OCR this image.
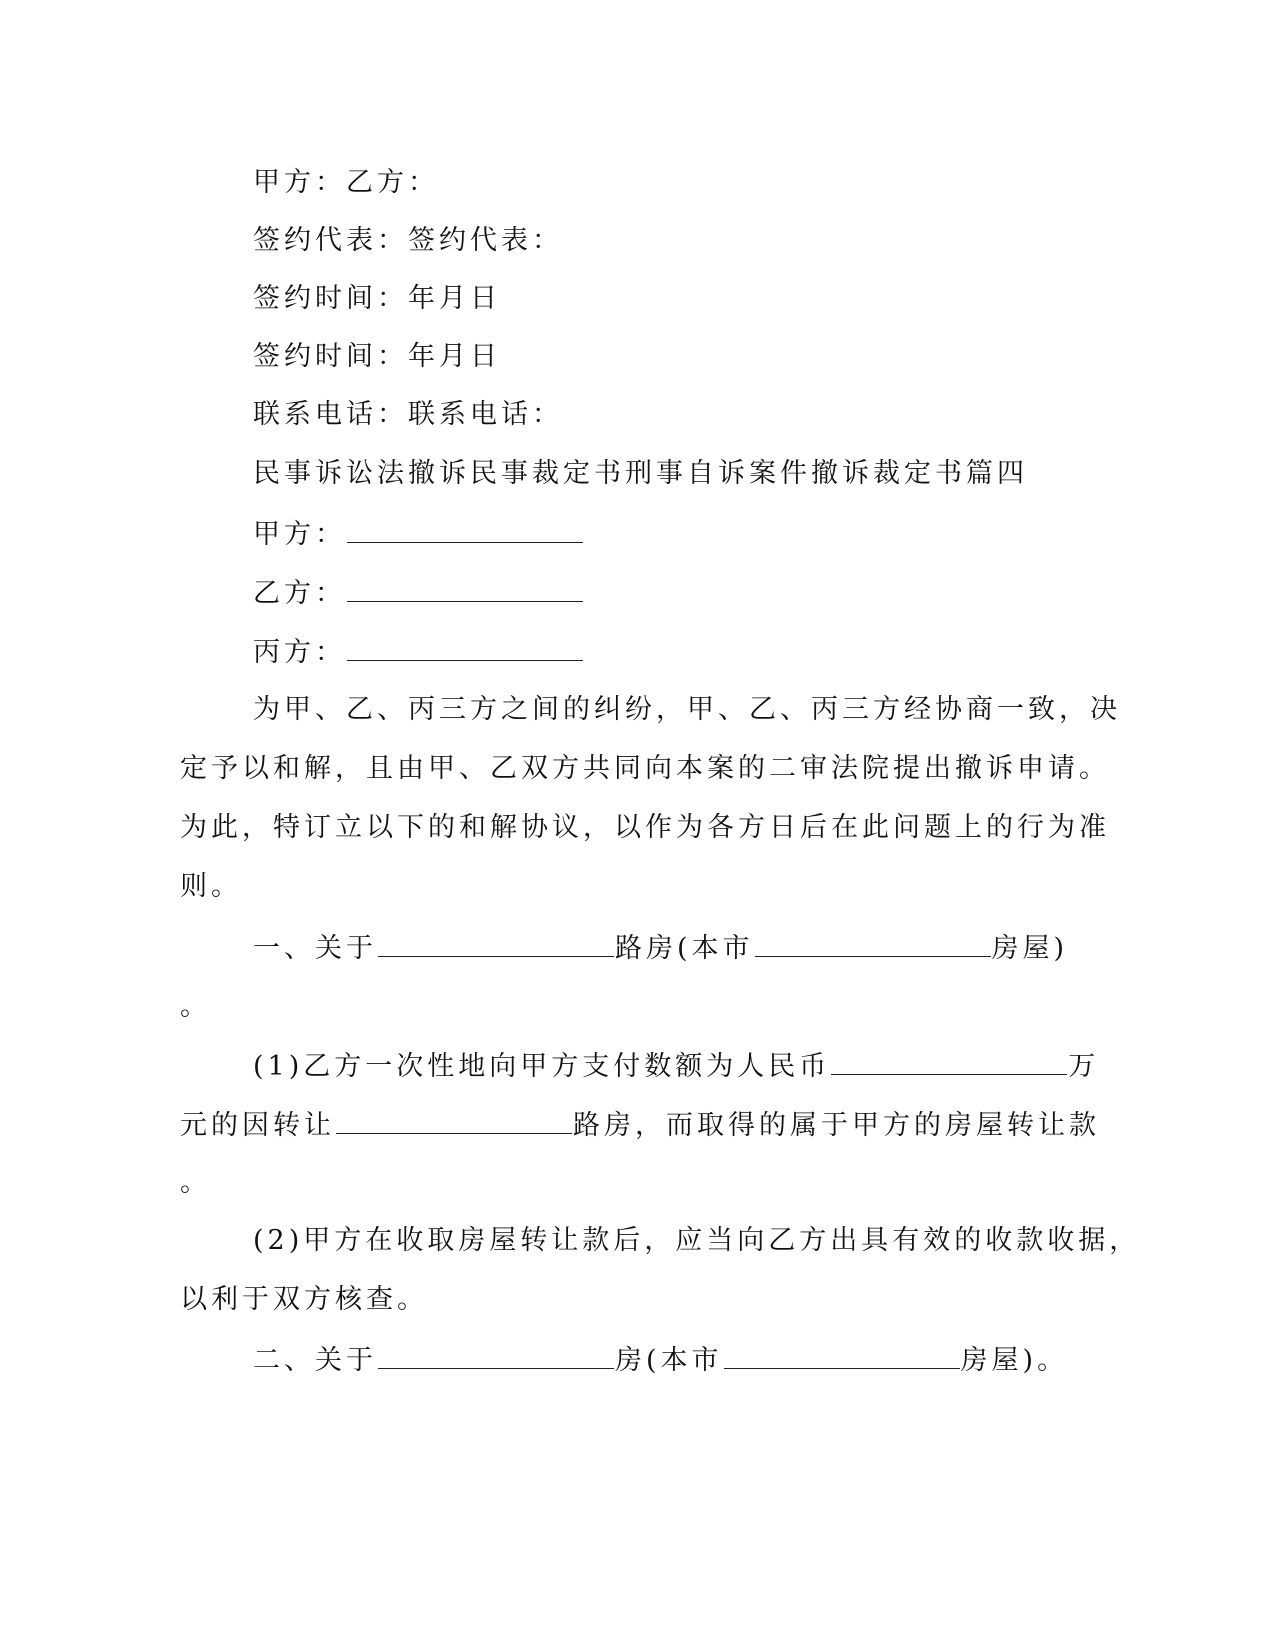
甲方：乙方：
签约代表：签约代表：
签约时间：年月日
签约时间：年月日
联系电话：联系电话：
民事诉讼法撤诉民事裁定书刑事自诉案件撤诉裁定书篇四
甲方：
乙方：
丙方：
为甲、乙、丙三方之间的纠纷，甲、乙、丙三方经协商一致，决
定予以和解，且由甲、乙双方共同向本案的二审法院提出撤诉申请。
为此，特订立以下的和解协议，以作为各方日后在此问题上的行为准
则。
一、关于	路房(本市	房屋)
。
(1)乙方一次性地向甲方支付数额为人民币	万
元的因转让	路房，而取得的属于甲方的房屋转让款
。
(2)甲方在收取房屋转让款后，应当向乙方出具有效的收款收据，
以利于双方核查。
二、关于	房(本市	房屋)。
